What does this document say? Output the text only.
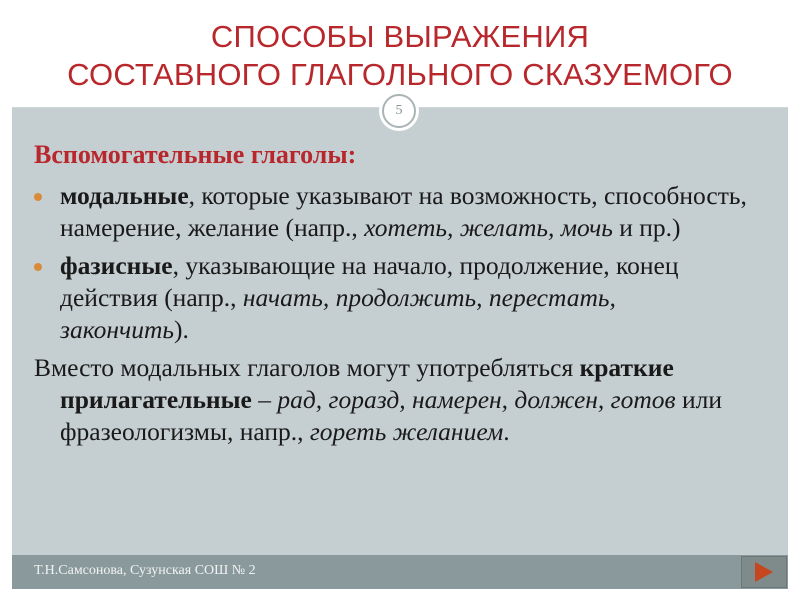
СПОСОБЫ ВЫРАЖЕНИЯ
СОСТАВНОГО ГЛАГОЛЬНОГО СКАЗУЕМОГО
5
Вспомогательные глаголы:
модальные, которые указывают на возможность, способность, намерение, желание (напр., хотеть, желать, мочь и пр.)
фазисные, указывающие на начало, продолжение, конец действия (напр., начать, продолжить, перестать, закончить).
Вместо модальных глаголов могут употребляться краткие прилагательные – рад, горазд, намерен, должен, готов или фразеологизмы, напр., гореть желанием.
Т.Н.Самсонова, Сузунская СОШ № 2
